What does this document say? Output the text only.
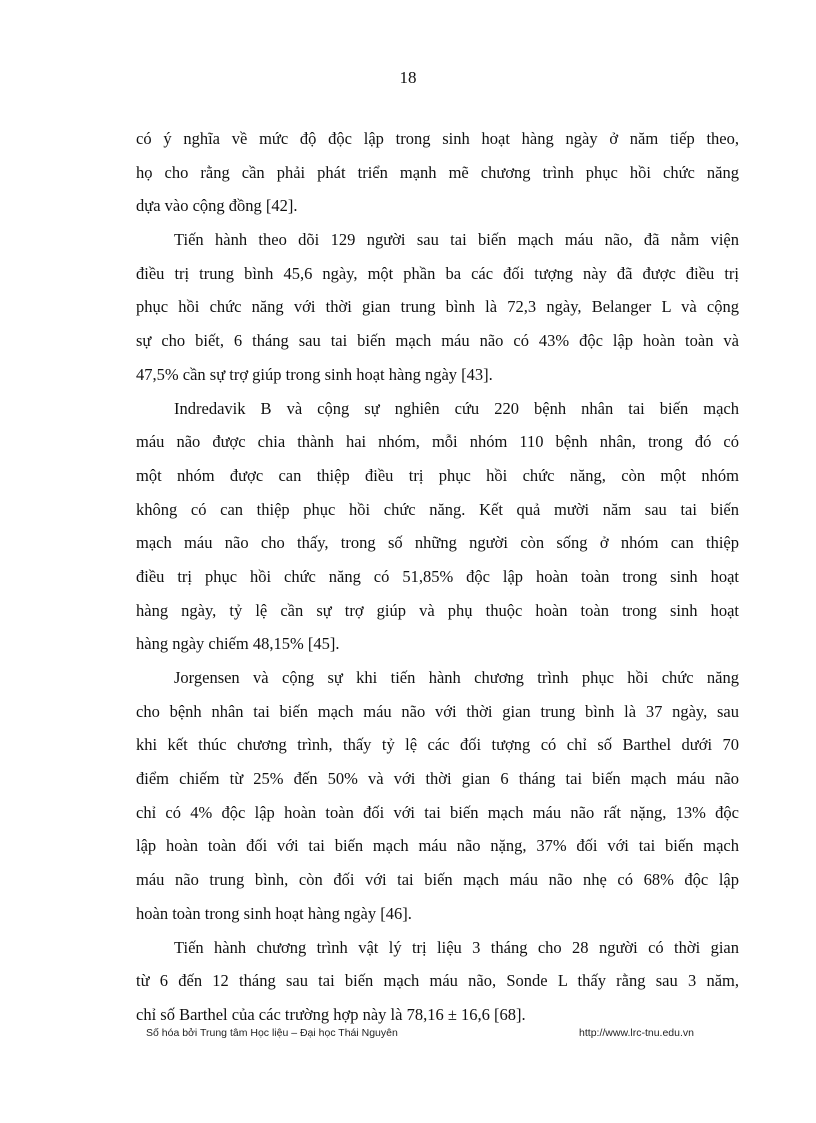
18
có ý nghĩa về mức độ độc lập trong sinh hoạt hàng ngày ở năm tiếp theo,
họ cho rằng cần phải phát triển mạnh mẽ chương trình phục hồi chức năng
dựa vào cộng đồng [42].
Tiến hành theo dõi 129 người sau tai biến mạch máu não, đã nằm viện
điều trị trung bình 45,6 ngày, một phần ba các đối tượng này đã được điều trị
phục hồi chức năng với thời gian trung bình là 72,3 ngày, Belanger L và cộng
sự cho biết, 6 tháng sau tai biến mạch máu não có 43% độc lập hoàn toàn và
47,5% cần sự trợ giúp trong sinh hoạt hàng ngày [43].
Indredavik B và cộng sự nghiên cứu 220 bệnh nhân tai biến mạch
máu não được chia thành hai nhóm, mỗi nhóm 110 bệnh nhân, trong đó có
một nhóm được can thiệp điều trị phục hồi chức năng, còn một nhóm
không có can thiệp phục hồi chức năng. Kết quả mười năm sau tai biến
mạch máu não cho thấy, trong số những người còn sống ở nhóm can thiệp
điều trị phục hồi chức năng có 51,85% độc lập hoàn toàn trong sinh hoạt
hàng ngày, tỷ lệ cần sự trợ giúp và phụ thuộc hoàn toàn trong sinh hoạt
hàng ngày chiếm 48,15% [45].
Jorgensen và cộng sự khi tiến hành chương trình phục hồi chức năng
cho bệnh nhân tai biến mạch máu não với thời gian trung bình là 37 ngày, sau
khi kết thúc chương trình, thấy tỷ lệ các đối tượng có chỉ số Barthel dưới 70
điểm chiếm từ 25% đến 50% và với thời gian 6 tháng tai biến mạch máu não
chỉ có 4% độc lập hoàn toàn đối với tai biến mạch máu não rất nặng, 13% độc
lập hoàn toàn đối với tai biến mạch máu não nặng, 37% đối với tai biến mạch
máu não trung bình, còn đối với tai biến mạch máu não nhẹ có 68% độc lập
hoàn toàn trong sinh hoạt hàng ngày [46].
Tiến hành chương trình vật lý trị liệu 3 tháng cho 28 người có thời gian
từ 6 đến 12 tháng sau tai biến mạch máu não, Sonde L thấy rằng sau 3 năm,
chỉ số Barthel của các trường hợp này là 78,16 ± 16,6 [68].
Số hóa bởi Trung tâm Học liệu – Đại học Thái Nguyên	http://www.lrc-tnu.edu.vn
